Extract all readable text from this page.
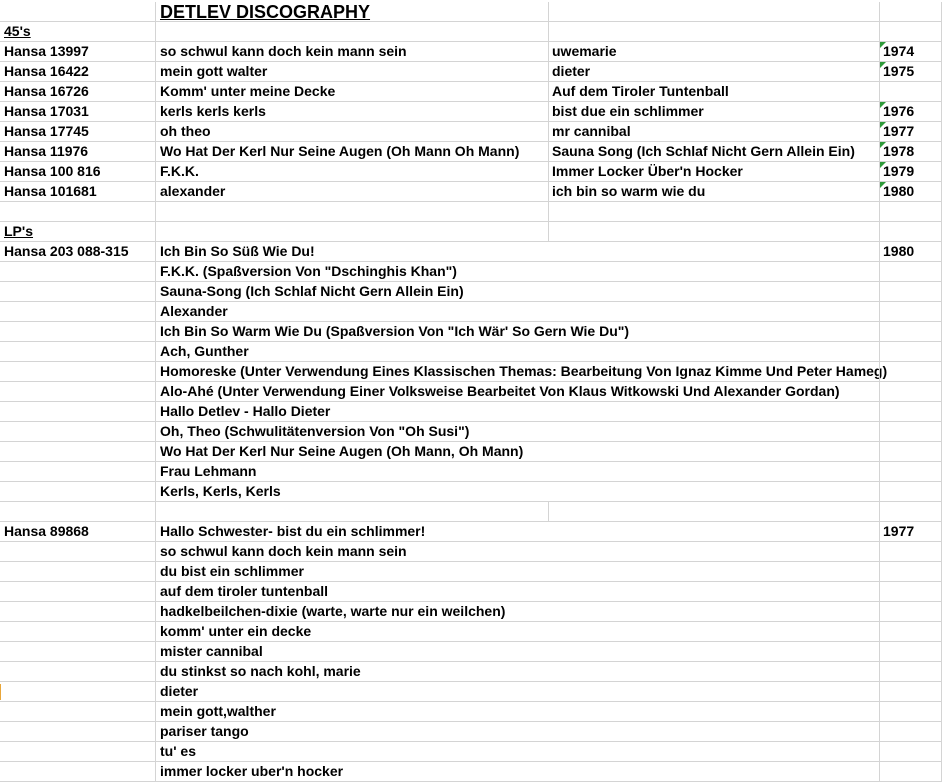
DETLEV DISCOGRAPHY
45's
Hansa 13997	so schwul kann doch kein mann sein	uwemarie	1974
Hansa 16422	mein gott walter	dieter	1975
Hansa 16726	Komm' unter meine Decke	Auf dem Tiroler Tuntenball
Hansa 17031	kerls kerls kerls	bist due ein schlimmer	1976
Hansa 17745	oh theo	mr cannibal	1977
Hansa 11976	Wo Hat Der Kerl Nur Seine Augen (Oh Mann Oh Mann)	Sauna Song (Ich Schlaf Nicht Gern Allein Ein)	1978
Hansa 100 816	F.K.K.	Immer Locker Über'n Hocker	1979
Hansa 101681	alexander	ich bin so warm wie du	1980
LP's
Hansa 203 088-315	Ich Bin So Süß Wie Du!	1980
F.K.K. (Spaßversion Von "Dschinghis Khan")
Sauna-Song (Ich Schlaf Nicht Gern Allein Ein)
Alexander
Ich Bin So Warm Wie Du (Spaßversion Von "Ich Wär' So Gern Wie Du")
Ach, Gunther
Homoreske (Unter Verwendung Eines Klassischen Themas: Bearbeitung Von Ignaz Kimme Und Peter Hameg)
Alo-Ahé (Unter Verwendung Einer Volksweise Bearbeitet Von Klaus Witkowski Und Alexander Gordan)
Hallo Detlev - Hallo Dieter
Oh, Theo (Schwulitätenversion Von "Oh Susi")
Wo Hat Der Kerl Nur Seine Augen (Oh Mann, Oh Mann)
Frau Lehmann
Kerls, Kerls, Kerls
Hansa 89868	Hallo Schwester- bist du ein schlimmer!	1977
so schwul kann doch kein mann sein
du bist ein schlimmer
auf dem tiroler tuntenball
hadkelbeilchen-dixie (warte, warte nur ein weilchen)
komm' unter ein decke
mister cannibal
du stinkst so nach kohl, marie
dieter
mein gott,walther
pariser tango
tu' es
immer locker uber'n hocker
